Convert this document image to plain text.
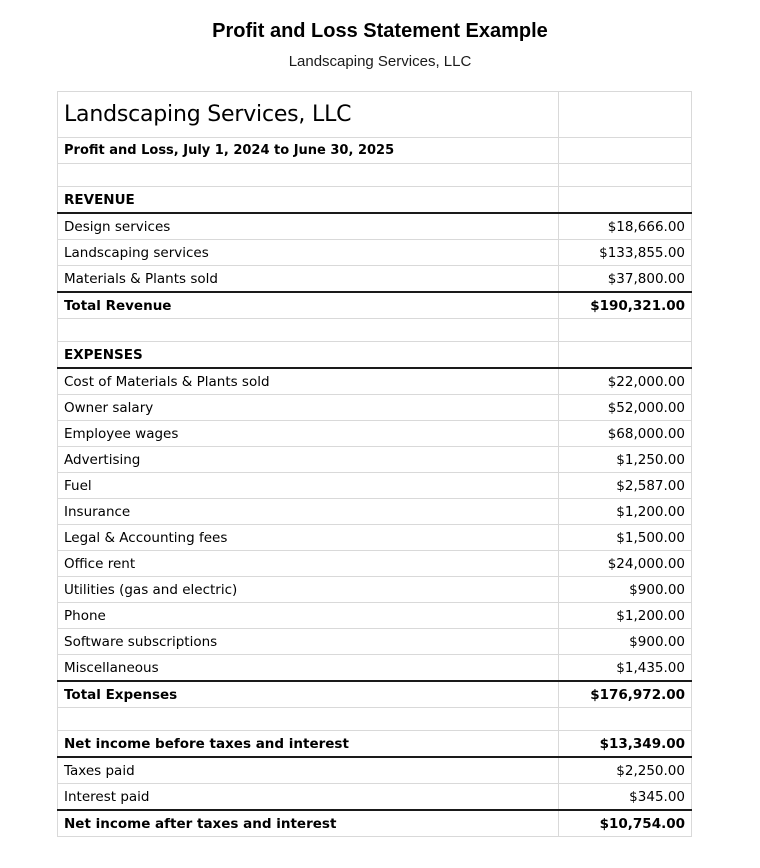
Profit and Loss Statement Example
Landscaping Services, LLC
Landscaping Services, LLC	
Profit and Loss, July 1, 2024 to June 30, 2025	

REVENUE	
Design services	$18,666.00
Landscaping services	$133,855.00
Materials & Plants sold	$37,800.00
Total Revenue	$190,321.00

EXPENSES	
Cost of Materials & Plants sold	$22,000.00
Owner salary	$52,000.00
Employee wages	$68,000.00
Advertising	$1,250.00
Fuel	$2,587.00
Insurance	$1,200.00
Legal & Accounting fees	$1,500.00
Office rent	$24,000.00
Utilities (gas and electric)	$900.00
Phone	$1,200.00
Software subscriptions	$900.00
Miscellaneous	$1,435.00
Total Expenses	$176,972.00

Net income before taxes and interest	$13,349.00
Taxes paid	$2,250.00
Interest paid	$345.00
Net income after taxes and interest	$10,754.00
